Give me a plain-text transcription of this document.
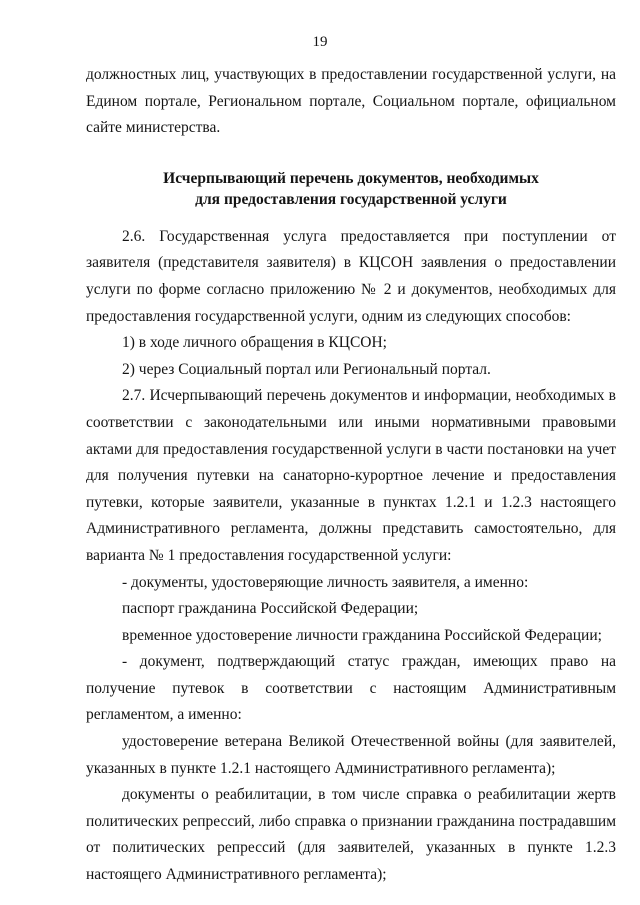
19

должностных лиц, участвующих в предоставлении государственной услуги, на Едином портале, Региональном портале, Социальном портале, официальном сайте министерства.

Исчерпывающий перечень документов, необходимых
для предоставления государственной услуги

2.6. Государственная услуга предоставляется при поступлении от заявителя (представителя заявителя) в КЦСОН заявления о предоставлении услуги по форме согласно приложению № 2 и документов, необходимых для предоставления государственной услуги, одним из следующих способов:

1) в ходе личного обращения в КЦСОН;

2) через Социальный портал или Региональный портал.

2.7. Исчерпывающий перечень документов и информации, необходимых в соответствии с законодательными или иными нормативными правовыми актами для предоставления государственной услуги в части постановки на учет для получения путевки на санаторно-курортное лечение и предоставления путевки, которые заявители, указанные в пунктах 1.2.1 и 1.2.3 настоящего Административного регламента, должны представить самостоятельно, для варианта № 1 предоставления государственной услуги:

- документы, удостоверяющие личность заявителя, а именно:

паспорт гражданина Российской Федерации;

временное удостоверение личности гражданина Российской Федерации;

- документ, подтверждающий статус граждан, имеющих право на получение путевок в соответствии с настоящим Административным регламентом, а именно:

удостоверение ветерана Великой Отечественной войны (для заявителей, указанных в пункте 1.2.1 настоящего Административного регламента);

документы о реабилитации, в том числе справка о реабилитации жертв политических репрессий, либо справка о признании гражданина пострадавшим от политических репрессий (для заявителей, указанных в пункте 1.2.3 настоящего Административного регламента);
